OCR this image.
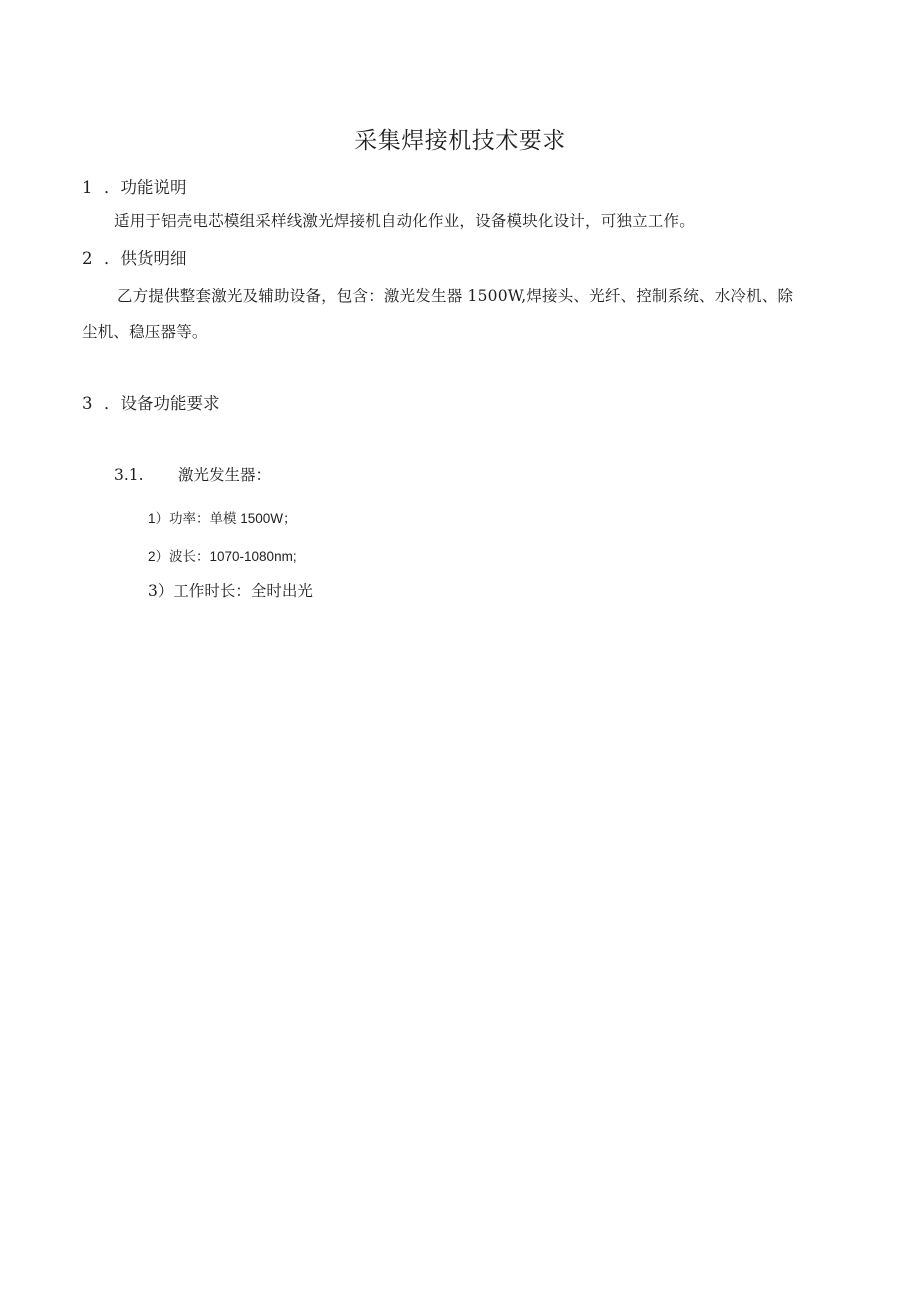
采集焊接机技术要求
1 ．功能说明
适用于铝壳电芯模组采样线激光焊接机自动化作业，设备模块化设计，可独立工作。
2 ．供货明细
乙方提供整套激光及辅助设备，包含：激光发生器 1500W,焊接头、光纤、控制系统、水冷机、除
尘机、稳压器等。
3 ．设备功能要求
3.1. 激光发生器：
1）功率：单模 1500W；
2）波长：1070-1080nm;
3）工作时长：全时出光
